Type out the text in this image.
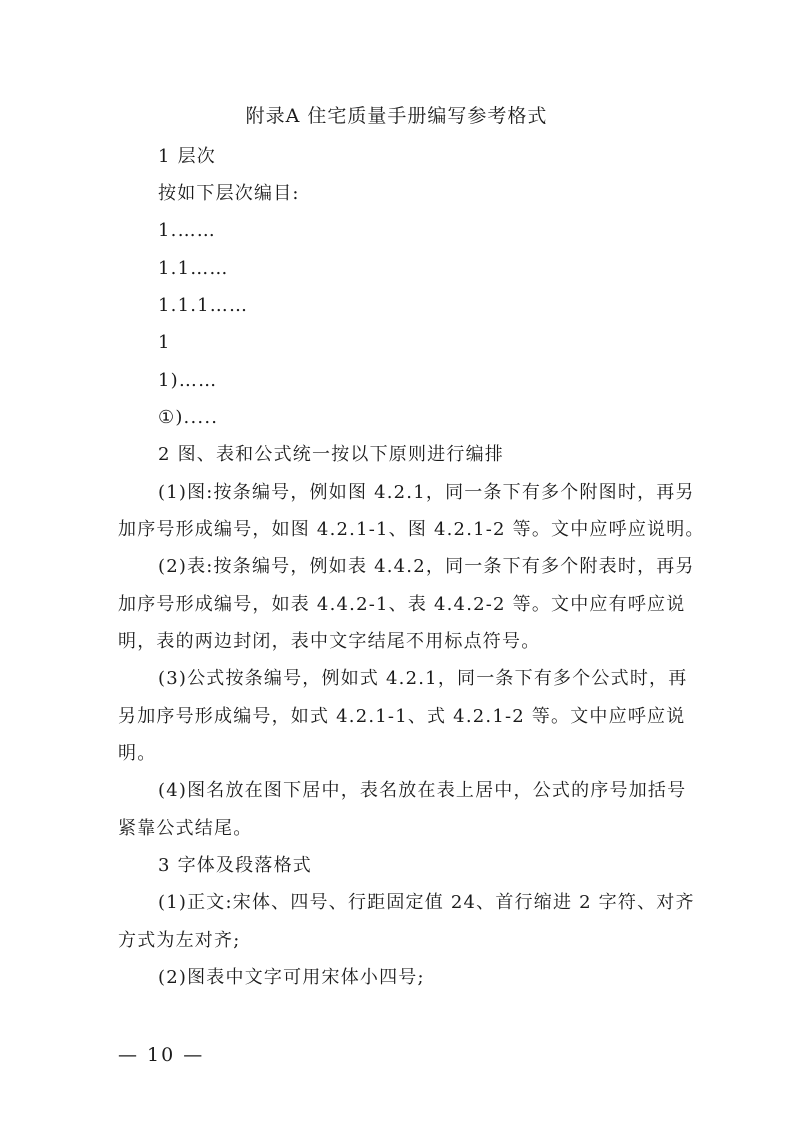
附录A 住宅质量手册编写参考格式
1 层次
按如下层次编目:
1.……
1.1……
1.1.1……
1
1)……
①).....
2 图、表和公式统一按以下原则进行编排
(1)图:按条编号，例如图 4.2.1，同一条下有多个附图时，再另
加序号形成编号，如图 4.2.1-1、图 4.2.1-2 等。文中应呼应说明。
(2)表:按条编号，例如表 4.4.2，同一条下有多个附表时，再另
加序号形成编号，如表 4.4.2-1、表 4.4.2-2 等。文中应有呼应说
明，表的两边封闭，表中文字结尾不用标点符号。
(3)公式按条编号，例如式 4.2.1，同一条下有多个公式时，再
另加序号形成编号，如式 4.2.1-1、式 4.2.1-2 等。文中应呼应说
明。
(4)图名放在图下居中，表名放在表上居中，公式的序号加括号
紧靠公式结尾。
3 字体及段落格式
(1)正文:宋体、四号、行距固定值 24、首行缩进 2 字符、对齐
方式为左对齐;
(2)图表中文字可用宋体小四号;
— 10 —
